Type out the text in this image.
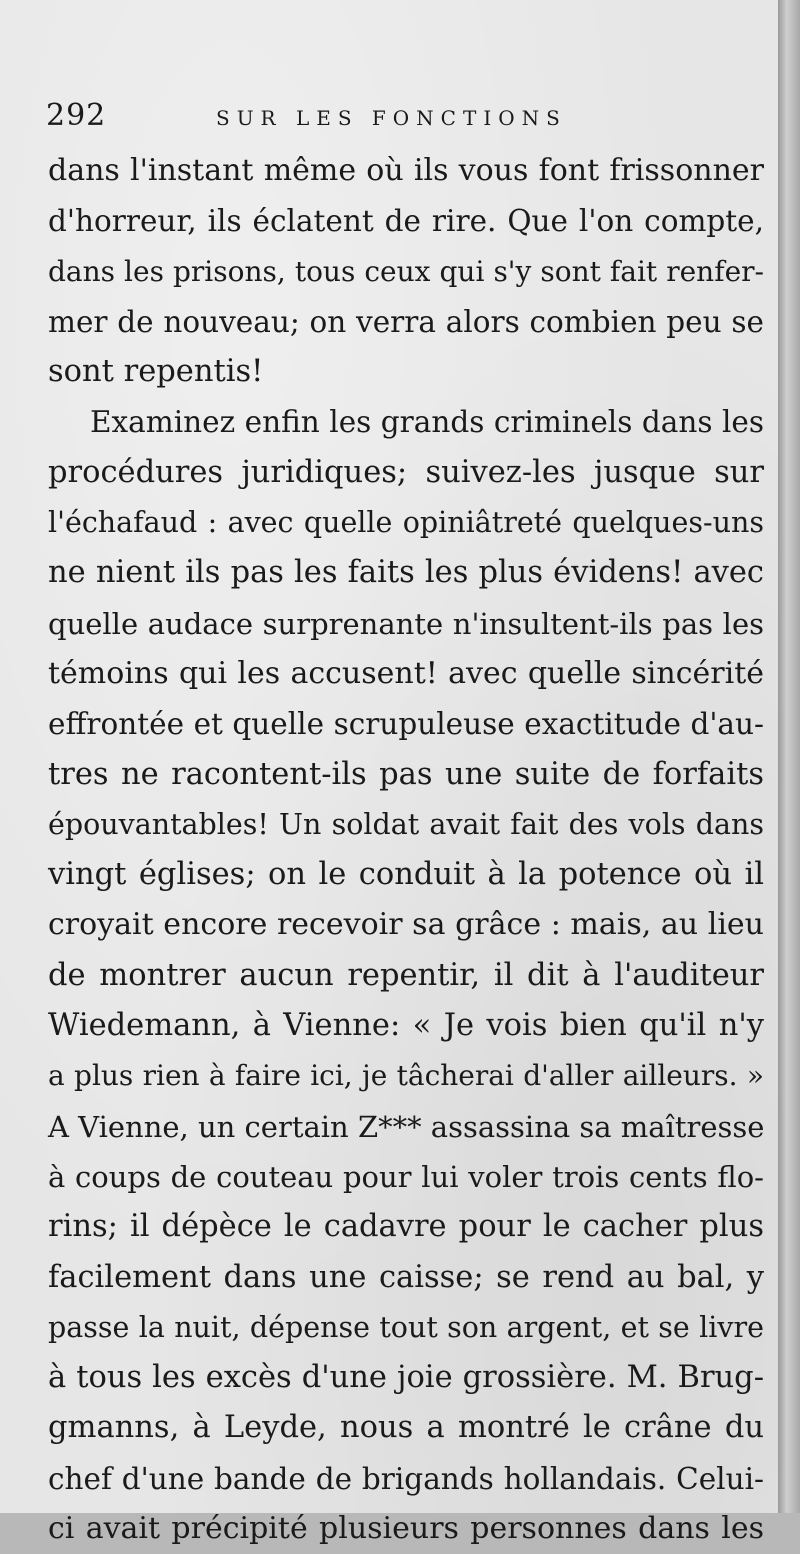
292	SUR LES FONCTIONS
dans l'instant même où ils vous font frissonner
d'horreur, ils éclatent de rire. Que l'on compte,
dans les prisons, tous ceux qui s'y sont fait renfer-
mer de nouveau; on verra alors combien peu se
sont repentis!
Examinez enfin les grands criminels dans les
procédures juridiques; suivez-les jusque sur
l'échafaud : avec quelle opiniâtreté quelques-uns
ne nient ils pas les faits les plus évidens! avec
quelle audace surprenante n'insultent-ils pas les
témoins qui les accusent! avec quelle sincérité
effrontée et quelle scrupuleuse exactitude d'au-
tres ne racontent-ils pas une suite de forfaits
épouvantables! Un soldat avait fait des vols dans
vingt églises; on le conduit à la potence où il
croyait encore recevoir sa grâce : mais, au lieu
de montrer aucun repentir, il dit à l'auditeur
Wiedemann, à Vienne: « Je vois bien qu'il n'y
a plus rien à faire ici, je tâcherai d'aller ailleurs. »
A Vienne, un certain Z*** assassina sa maîtresse
à coups de couteau pour lui voler trois cents flo-
rins; il dépèce le cadavre pour le cacher plus
facilement dans une caisse; se rend au bal, y
passe la nuit, dépense tout son argent, et se livre
à tous les excès d'une joie grossière. M. Brug-
gmanns, à Leyde, nous a montré le crâne du
chef d'une bande de brigands hollandais. Celui-
ci avait précipité plusieurs personnes dans les
